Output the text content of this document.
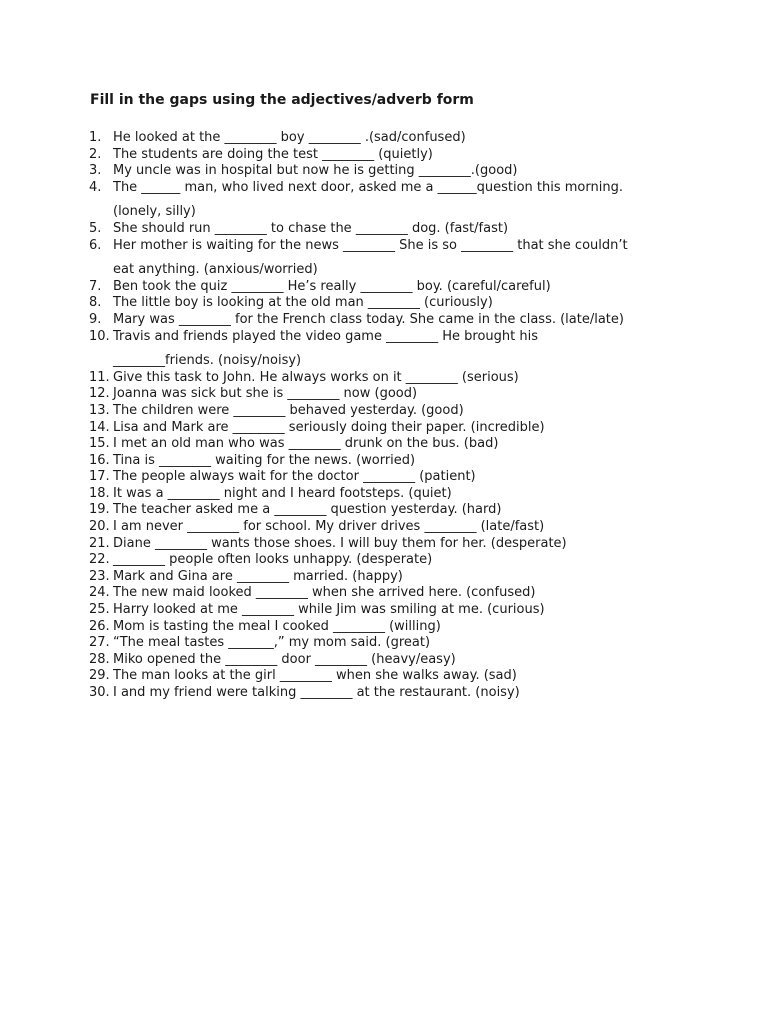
Fill in the gaps using the adjectives/adverb form
1. He looked at the ________ boy ________ .(sad/confused)
2. The students are doing the test ________ (quietly)
3. My uncle was in hospital but now he is getting ________.(good)
4. The ______ man, who lived next door, asked me a ______question this morning.
(lonely, silly)
5. She should run ________ to chase the ________ dog. (fast/fast)
6. Her mother is waiting for the news ________ She is so ________ that she couldn’t
eat anything. (anxious/worried)
7. Ben took the quiz ________ He’s really ________ boy. (careful/careful)
8. The little boy is looking at the old man ________ (curiously)
9. Mary was ________ for the French class today. She came in the class. (late/late)
10. Travis and friends played the video game ________ He brought his
________friends. (noisy/noisy)
11. Give this task to John. He always works on it ________ (serious)
12. Joanna was sick but she is ________ now (good)
13. The children were ________ behaved yesterday. (good)
14. Lisa and Mark are ________ seriously doing their paper. (incredible)
15. I met an old man who was ________ drunk on the bus. (bad)
16. Tina is ________ waiting for the news. (worried)
17. The people always wait for the doctor ________ (patient)
18. It was a ________ night and I heard footsteps. (quiet)
19. The teacher asked me a ________ question yesterday. (hard)
20. I am never ________ for school. My driver drives ________ (late/fast)
21. Diane ________ wants those shoes. I will buy them for her. (desperate)
22. ________ people often looks unhappy. (desperate)
23. Mark and Gina are ________ married. (happy)
24. The new maid looked ________ when she arrived here. (confused)
25. Harry looked at me ________ while Jim was smiling at me. (curious)
26. Mom is tasting the meal I cooked ________ (willing)
27. “The meal tastes _______,” my mom said. (great)
28. Miko opened the ________ door ________ (heavy/easy)
29. The man looks at the girl ________ when she walks away. (sad)
30. I and my friend were talking ________ at the restaurant. (noisy)
